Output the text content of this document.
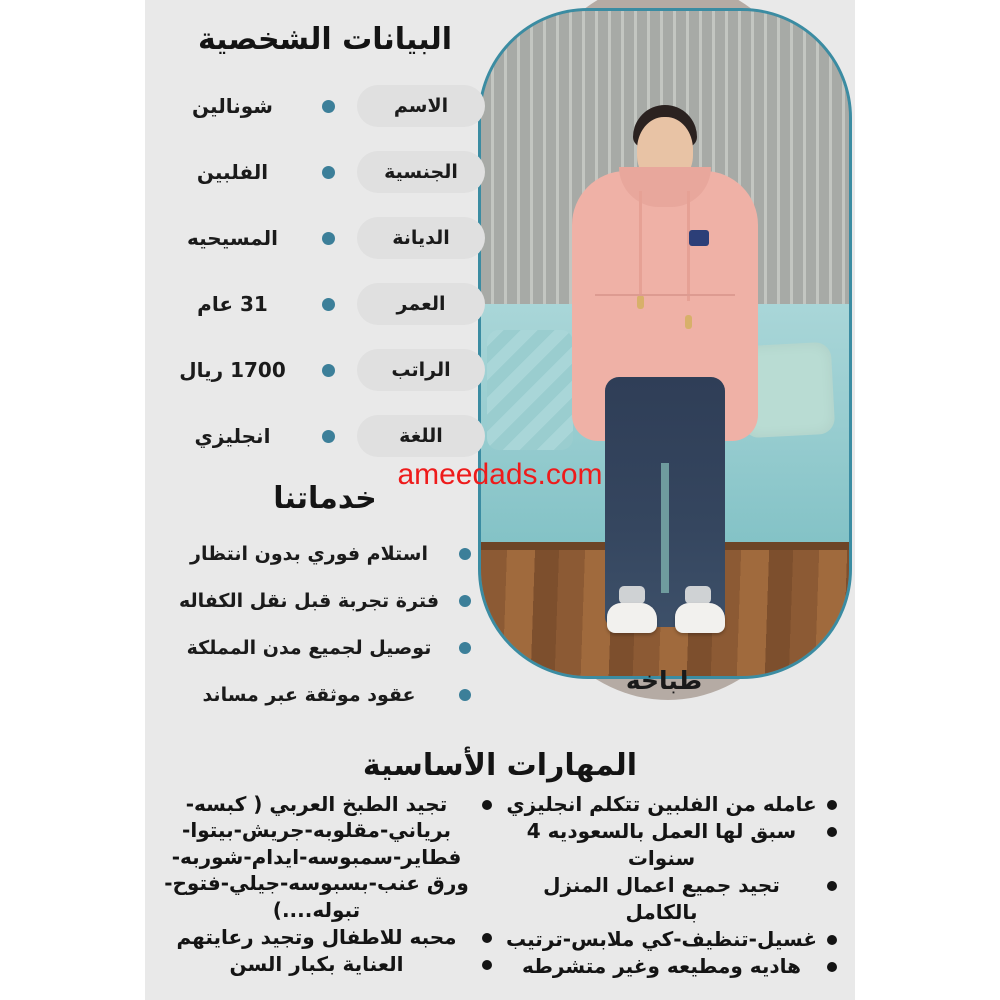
طباخه
ameedads.com
البيانات الشخصية
الاسم
شونالين
الجنسية
الفلبين
الديانة
المسيحيه
العمر
31 عام
الراتب
1700 ريال
اللغة
انجليزي
خدماتنا
استلام فوري بدون انتظار
فترة تجربة قبل نقل الكفاله
توصيل لجميع مدن المملكة
عقود موثقة عبر مساند
المهارات الأساسية
عامله من الفلبين تتكلم انجليزي
سبق لها العمل بالسعوديه 4 سنوات
تجيد جميع اعمال المنزل بالكامل
غسيل-تنظيف-كي ملابس-ترتيب
هاديه ومطيعه وغير متشرطه
تجيد الطبخ العربي ( كبسه-برياني-مقلوبه-جريش-بيتوا-فطاير-سمبوسه-ايدام-شوربه-ورق عنب-بسبوسه-جيلي-فتوح-تبوله....)
محبه للاطفال وتجيد رعايتهم
العناية بكبار السن
